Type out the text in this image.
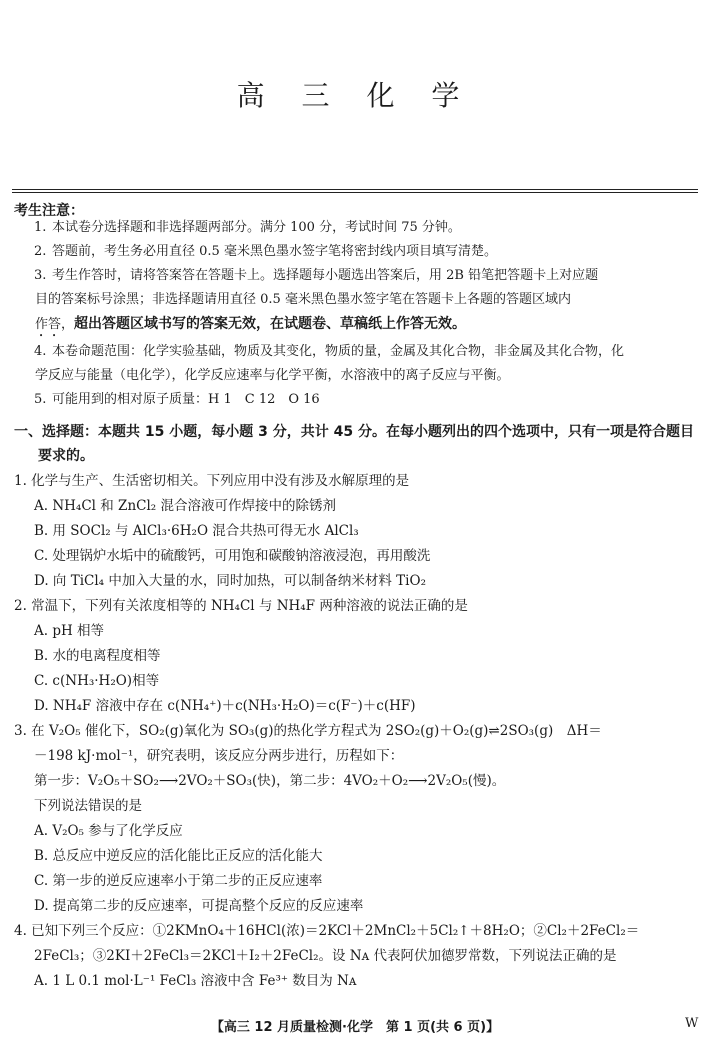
高 三 化 学
考生注意：
1. 本试卷分选择题和非选择题两部分。满分 100 分，考试时间 75 分钟。
2. 答题前，考生务必用直径 0.5 毫米黑色墨水签字笔将密封线内项目填写清楚。
3. 考生作答时，请将答案答在答题卡上。选择题每小题选出答案后，用 2B 铅笔把答题卡上对应题
目的答案标号涂黑；非选择题请用直径 0.5 毫米黑色墨水签字笔在答题卡上各题的答题区域内
作答，超出答题区域书写的答案无效，在试题卷、草稿纸上作答无效。
4. 本卷命题范围：化学实验基础，物质及其变化，物质的量，金属及其化合物，非金属及其化合物，化
学反应与能量（电化学），化学反应速率与化学平衡，水溶液中的离子反应与平衡。
5. 可能用到的相对原子质量：H 1　C 12　O 16
一、选择题：本题共 15 小题，每小题 3 分，共计 45 分。在每小题列出的四个选项中，只有一项是符合题目
要求的。
1. 化学与生产、生活密切相关。下列应用中没有涉及水解原理的是
A. NH₄Cl 和 ZnCl₂ 混合溶液可作焊接中的除锈剂
B. 用 SOCl₂ 与 AlCl₃·6H₂O 混合共热可得无水 AlCl₃
C. 处理锅炉水垢中的硫酸钙，可用饱和碳酸钠溶液浸泡，再用酸洗
D. 向 TiCl₄ 中加入大量的水，同时加热，可以制备纳米材料 TiO₂
2. 常温下，下列有关浓度相等的 NH₄Cl 与 NH₄F 两种溶液的说法正确的是
A. pH 相等
B. 水的电离程度相等
C. c(NH₃·H₂O)相等
D. NH₄F 溶液中存在 c(NH₄⁺)＋c(NH₃·H₂O)＝c(F⁻)＋c(HF)
3. 在 V₂O₅ 催化下，SO₂(g)氧化为 SO₃(g)的热化学方程式为 2SO₂(g)＋O₂(g)⇌2SO₃(g)　ΔH＝
－198 kJ·mol⁻¹，研究表明，该反应分两步进行，历程如下：
第一步：V₂O₅＋SO₂⟶2VO₂＋SO₃(快)，第二步：4VO₂＋O₂⟶2V₂O₅(慢)。
下列说法错误的是
A. V₂O₅ 参与了化学反应
B. 总反应中逆反应的活化能比正反应的活化能大
C. 第一步的逆反应速率小于第二步的正反应速率
D. 提高第二步的反应速率，可提高整个反应的反应速率
4. 已知下列三个反应：①2KMnO₄＋16HCl(浓)＝2KCl＋2MnCl₂＋5Cl₂↑＋8H₂O；②Cl₂＋2FeCl₂＝
2FeCl₃；③2KI＋2FeCl₃＝2KCl＋I₂＋2FeCl₂。设 Nᴀ 代表阿伏加德罗常数，下列说法正确的是
A. 1 L 0.1 mol·L⁻¹ FeCl₃ 溶液中含 Fe³⁺ 数目为 Nᴀ
【高三 12 月质量检测·化学　第 1 页(共 6 页)】	W
